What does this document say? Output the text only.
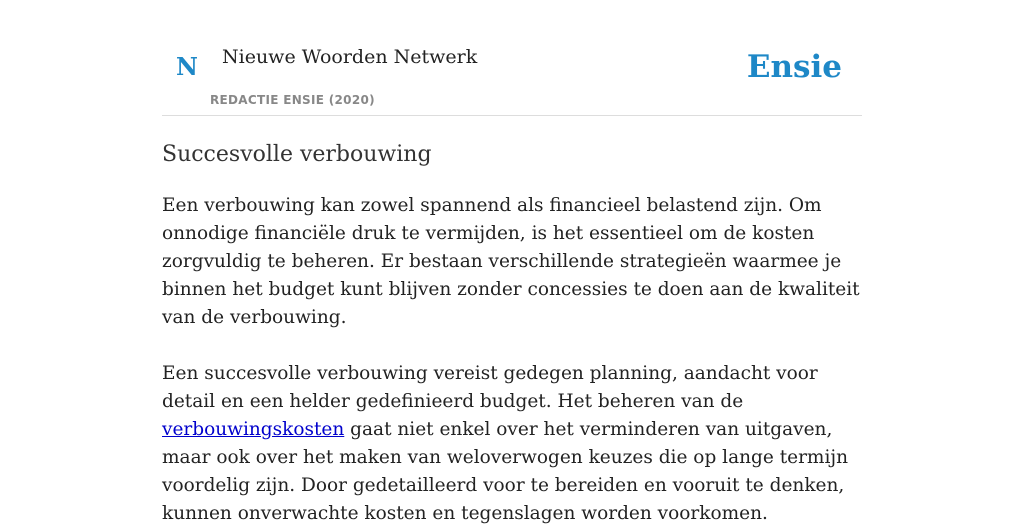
N Nieuwe Woorden Netwerk
REDACTIE ENSIE (2020)
Ensie
Succesvolle verbouwing

Een verbouwing kan zowel spannend als financieel belastend zijn. Om onnodige financiële druk te vermijden, is het essentieel om de kosten zorgvuldig te beheren. Er bestaan verschillende strategieën waarmee je binnen het budget kunt blijven zonder concessies te doen aan de kwaliteit van de verbouwing.

Een succesvolle verbouwing vereist gedegen planning, aandacht voor detail en een helder gedefinieerd budget. Het beheren van de verbouwingskosten gaat niet enkel over het verminderen van uitgaven, maar ook over het maken van weloverwogen keuzes die op lange termijn voordelig zijn. Door gedetailleerd voor te bereiden en vooruit te denken, kunnen onverwachte kosten en tegenslagen worden voorkomen.
